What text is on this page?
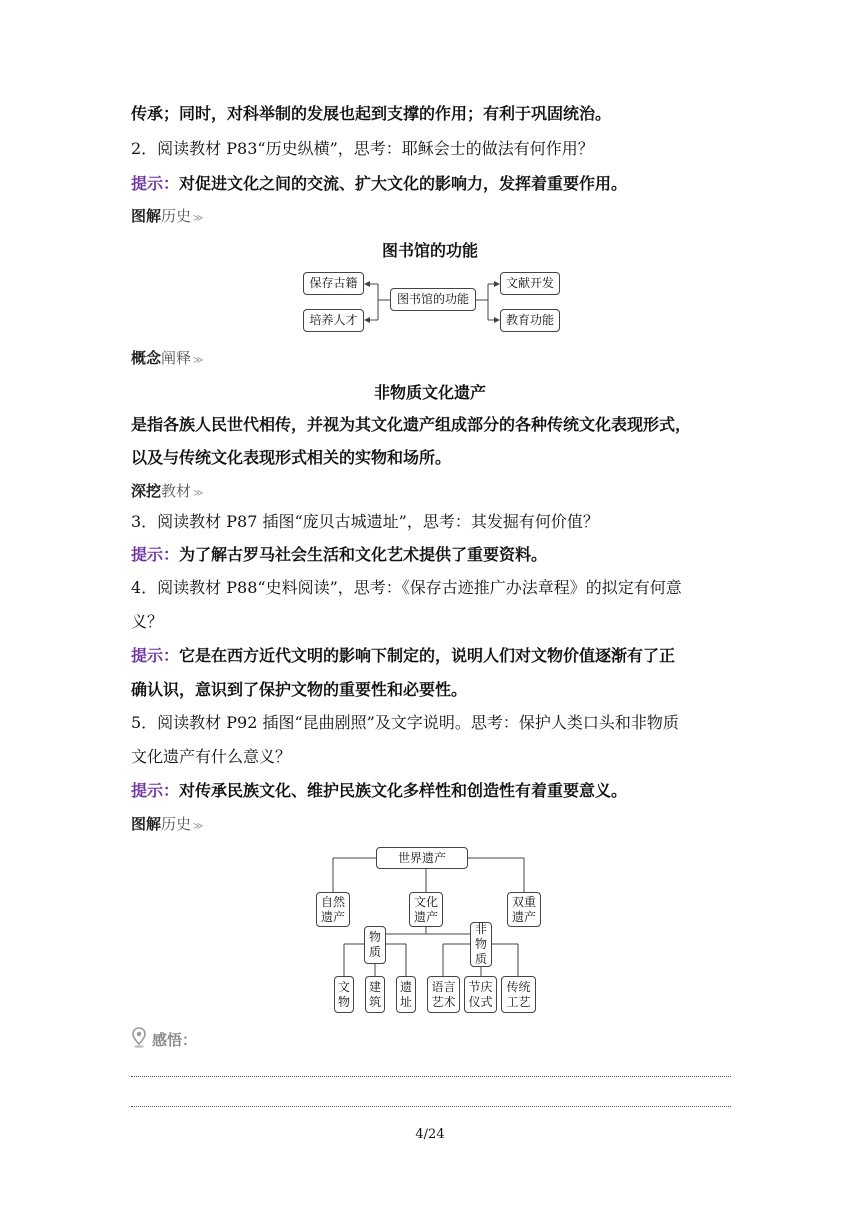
传承；同时，对科举制的发展也起到支撑的作用；有利于巩固统治。
2．阅读教材 P83“历史纵横”，思考：耶稣会士的做法有何作用？
提示：对促进文化之间的交流、扩大文化的影响力，发挥着重要作用。
图解历史 ≫
图书馆的功能
保存古籍
培养人才
图书馆的功能
文献开发
教育功能
概念阐释 ≫
非物质文化遗产
是指各族人民世代相传，并视为其文化遗产组成部分的各种传统文化表现形式，
以及与传统文化表现形式相关的实物和场所。
深挖教材 ≫
3．阅读教材 P87 插图“庞贝古城遗址”，思考：其发掘有何价值？
提示：为了解古罗马社会生活和文化艺术提供了重要资料。
4．阅读教材 P88“史料阅读”，思考：《保存古迹推广办法章程》的拟定有何意
义？
提示：它是在西方近代文明的影响下制定的，说明人们对文物价值逐渐有了正
确认识，意识到了保护文物的重要性和必要性。
5．阅读教材 P92 插图“昆曲剧照”及文字说明。思考：保护人类口头和非物质
文化遗产有什么意义？
提示：对传承民族文化、维护民族文化多样性和创造性有着重要意义。
图解历史 ≫
世界遗产
自然遗产
文化遗产
双重遗产
物质
非物质
文物
建筑
遗址
语言艺术
节庆仪式
传统工艺
感悟：
4/24
